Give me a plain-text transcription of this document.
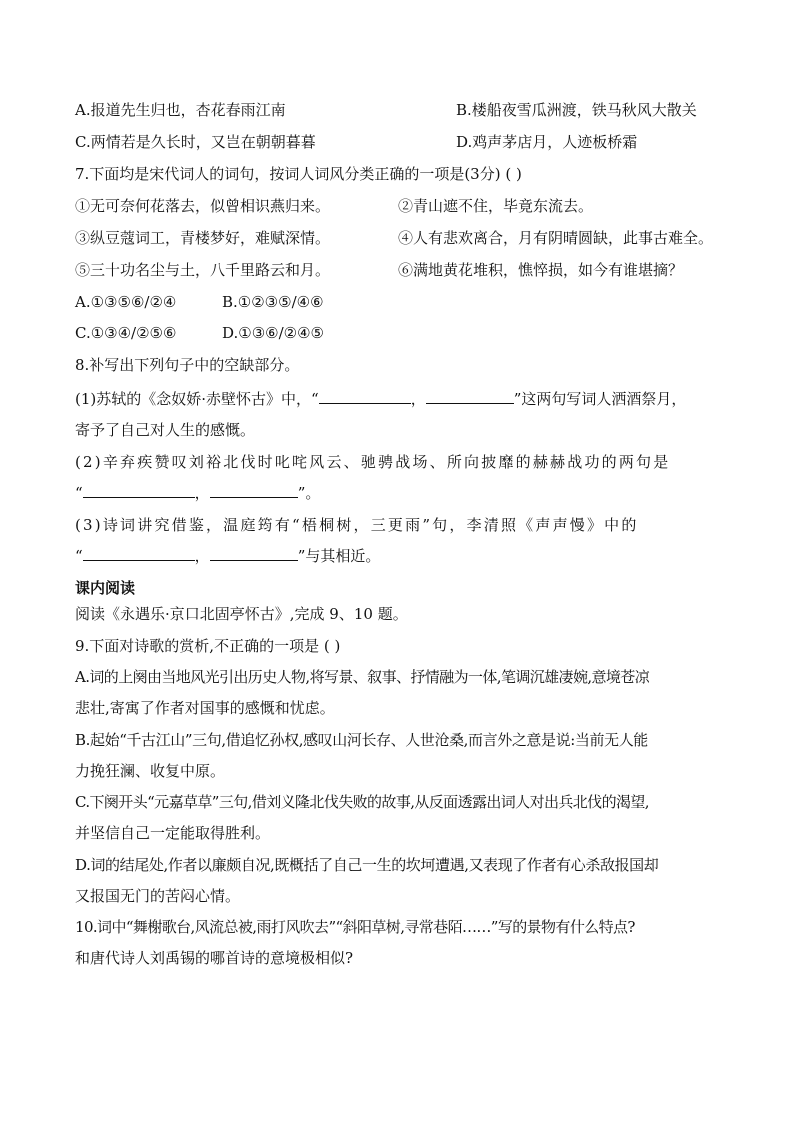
A.报道先生归也，杏花春雨江南	B.楼船夜雪瓜洲渡，铁马秋风大散关
C.两情若是久长时，又岂在朝朝暮暮	D.鸡声茅店月，人迹板桥霜
7.下面均是宋代词人的词句，按词人词风分类正确的一项是(3分) ( )
①无可奈何花落去，似曾相识燕归来。	②青山遮不住，毕竟东流去。
③纵豆蔻词工，青楼梦好，难赋深情。	④人有悲欢离合，月有阴晴圆缺，此事古难全。
⑤三十功名尘与土，八千里路云和月。	⑥满地黄花堆积，憔悴损，如今有谁堪摘？
A.①③⑤⑥/②④	B.①②③⑤/④⑥
C.①③④/②⑤⑥	D.①③⑥/②④⑤
8.补写出下列句子中的空缺部分。
(1)苏轼的《念奴娇·赤壁怀古》中，“	，	”这两句写词人洒酒祭月，
寄予了自己对人生的感慨。
(2)辛弃疾赞叹刘裕北伐时叱咤风云、驰骋战场、所向披靡的赫赫战功的两句是
“	，	”。
(3)诗词讲究借鉴，温庭筠有“梧桐树，三更雨”句，李清照《声声慢》中的
“	，	”与其相近。
课内阅读
阅读《永遇乐·京口北固亭怀古》,完成 9、10 题。
9.下面对诗歌的赏析,不正确的一项是 ( )
A.词的上阕由当地风光引出历史人物,将写景、叙事、抒情融为一体,笔调沉雄凄婉,意境苍凉
悲壮,寄寓了作者对国事的感慨和忧虑。
B.起始“千古江山”三句,借追忆孙权,感叹山河长存、人世沧桑,而言外之意是说:当前无人能
力挽狂澜、收复中原。
C.下阕开头“元嘉草草”三句,借刘义隆北伐失败的故事,从反面透露出词人对出兵北伐的渴望,
并坚信自己一定能取得胜利。
D.词的结尾处,作者以廉颇自况,既概括了自己一生的坎坷遭遇,又表现了作者有心杀敌报国却
又报国无门的苦闷心情。
10.词中“舞榭歌台,风流总被,雨打风吹去”“斜阳草树,寻常巷陌……”写的景物有什么特点?
和唐代诗人刘禹锡的哪首诗的意境极相似?
